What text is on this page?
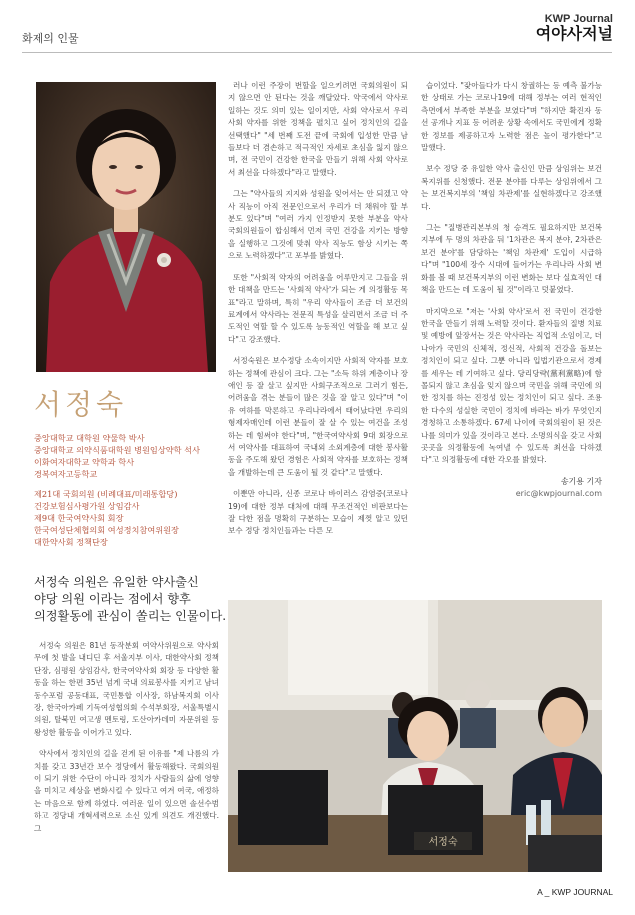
화제의 인물
KWP Journal
여야사저널
서정숙
중앙대학교 대학원 약물학 박사
중앙대학교 의약식품대학원 병원임상약학 석사
이화여자대학교 약학과 학사
경복여자고등학교
제21대 국회의원 (비례대표/미래통합당)
건강보험심사평가원 상임감사
제9대 한국여약사회 회장
한국여성단체협의회 여성정치참여위원장
대한약사회 정책단장
서정숙 의원은 유일한 약사출신
야당 의원 이라는 점에서 향후
의정활동에 관심이 쏠리는 인물이다.

서정숙 의원은 81년 동작분회 여약사위원으로 약사회무에 첫 발을 내디딘 후 서울지부 이사, 대한약사회 정책단장, 심평원 상임감사, 한국여약사회 회장 등 다양한 활동을 하는 한편 35년 넘게 국내 의료봉사를 지키고 남녀동수포럼 공동대표, 국민통합 이사장, 하남복지회 이사장, 한국아카페 기독여성협의회 수석부회장, 서울특별시의원, 탈북민 여고생 멘토링, 도산아카데미 자문위원 등 왕성한 활동을 이어가고 있다.

약사에서 정치인의 길을 걷게 된 이유를 "제 나름의 가치를 갖고 33년간 보수 정당에서 활동해왔다. 국회의원이 되기 위한 수단이 아니라 정치가 사람들의 삶에 영향을 미치고 세상을 변화시킬 수 있다고 여겨 여국, 애정하는 마음으로 함께 하였다. 여러운 일이 있으면 솔선수범하고 정당내 개혁세력으로 소신 있게 의견도 개진했다. 그

러나 이런 주장이 번할을 일으키려면 국회의원이 되지 않으면 안 된다는 것을 깨달았다. 약국에서 약사로 일하는 것도 의미 있는 일이지만, 사회 약사로서 우리 사회 약자를 위한 정책을 펼치고 싶어 정치인의 길을 선택했다" "세 번째 도전 끝에 국회에 입성한 만큼 남들보다 더 겸손하고 적극적인 자세로 초심을 잃지 않으며, 전 국민이 건강한 한국을 만들기 위해 사회 약사로서 최선을 다하겠다"라고 말했다.

그는 "약사들의 지지와 성원을 잊어서는 안 되겠고 약사 직능이 아직 전문인으로서 우리가 더 채워야 할 부분도 있다"며 "여러 가지 인정받지 못한 부분을 약사 국회의원들이 합심해서 먼저 국민 건강을 지키는 방향을 실행하고 그것에 맞춰 약사 직능도 함상 시키는 쪽으로 노력하겠다"고 포부를 밝혔다.

또한 "사회적 약자의 어려움을 어루만지고 그들을 위한 대책을 만드는 '사회적 약사'가 되는 게 의정활동 목표"라고 말하며, 특히 "우리 약사들이 조금 더 보건의료계에서 약사라는 전문직 특성을 살리면서 조금 더 주도적인 역할 할 수 있도록 능동적인 역할을 해 보고 싶다"고 강조했다.

서정숙원은 보수정당 소속이지만 사회적 약자를 보호하는 정책에 관심이 크다. 그는 "소득 하위 계층이나 장애인 등 잘 살고 싶지만 사회구조적으로 그러기 힘든, 어려움을 겪는 분들이 많은 것을 잘 알고 있다"며 "이유 여하를 막론하고 우리나라에서 태어났다면 우리의 형제자매인데 이런 분들이 잘 살 수 있는 여건을 조성하는 데 힘써야 한다"며, "한국여약사회 9대 회장으로서 여약사를 대표하여 국내외 소외계층에 대한 봉사활동을 주도해 왔던 경험은 사회적 약자를 보호하는 정책을 개발하는데 큰 도움이 될 것 같다"고 말했다.

이뿐만 아니라, 신종 코로나 바이러스 감염증(코로나19)에 대한 정부 대처에 대해 무조건적인 비판보다는 잘 다한 점을 명확히 구분하는 모습이 제껏 알고 있던 보수 정당 정치인들과는 다른 모

습이었다. "잦아들다가 다시 창궐하는 등 예측 불가능한 상태로 가는 코로나19에 대해 정부는 여러 현적인 측면에서 부족한 부분을 보였다"며 "하지만 확진자 동선 공개나 지표 등 어려운 상황 속에서도 국민에게 정확한 정보를 제공하고자 노력한 점은 높이 평가한다"고 말했다.

보수 정당 중 유일한 약사 출신인 만큼 상임위는 보건복지위를 신청했다. 전문 분야를 다루는 상임위에서 그는 보건복지부의 '책임 차관제'를 실현하겠다고 강조했다.

그는 "질병관리본부의 청 승격도 필요하지만 보건복지부에 두 명의 차관을 둬 '1차관은 복지 분야, 2차관은 보건 분야'를 담당하는 '책임 차관제' 도입이 시급하다"며 "100세 장수 시대에 들어가는 우리나라 사회 변화를 볼 때 보건복지부의 이런 변화는 보다 실효적인 대책을 만드는 데 도움이 될 것"이라고 덧붙였다.

마지막으로 "저는 '사회 약사'로서 전 국민이 건강한 한국을 만들기 위해 노력할 것이다. 환자들의 질병 치료 및 예방에 앞장서는 것은 약사라는 직업적 소임이고, 더 나아가 국민의 신체적, 정신적, 사회적 건강을 돌보는 정치인이 되고 싶다. 그뿐 아니라 입법기관으로서 경제를 세우는 데 기여하고 싶다. 당리당략(黨利黨略)에 함몰되지 않고 초심을 잊지 않으며 국민을 위해 국민에 의한 정치를 하는 진정성 있는 정치인이 되고 싶다. 조용한 다수의 성실한 국민이 정치에 바라는 바가 무엇인지 경청하고 소통하겠다. 67세 나이에 국회의원이 된 것은 나를 의미가 있을 것이라고 본다. 소명의식을 갖고 사회 곳곳을 의정활동에 녹여낼 수 있도록 최선을 다하겠다"고 의정활동에 대한 각오를 밝혔다.

송기용 기자
eric@kwpjournal.com
서정숙
A _ KWP JOURNAL
